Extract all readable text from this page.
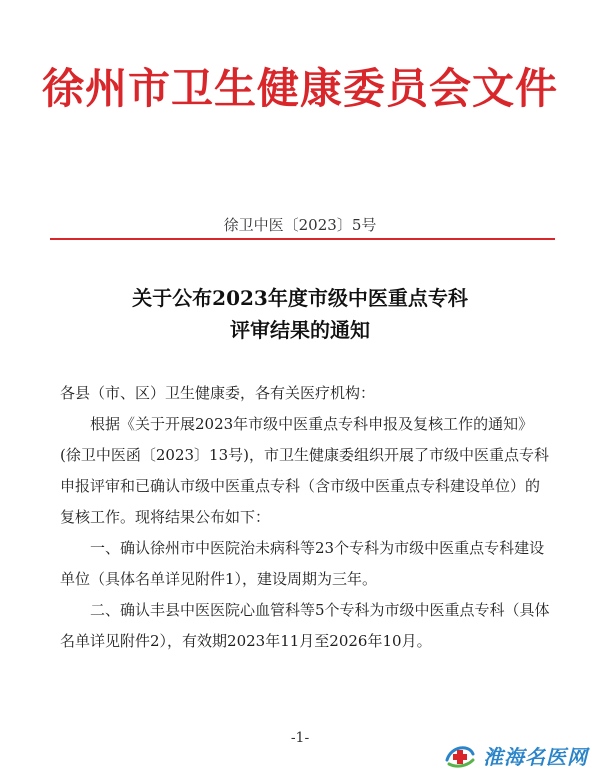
徐州市卫生健康委员会文件
徐卫中医〔2023〕5号
关于公布2023年度市级中医重点专科
评审结果的通知

各县（市、区）卫生健康委，各有关医疗机构：

根据《关于开展2023年市级中医重点专科申报及复核工作的通知》(徐卫中医函〔2023〕13号)，市卫生健康委组织开展了市级中医重点专科申报评审和已确认市级中医重点专科（含市级中医重点专科建设单位）的复核工作。现将结果公布如下：

一、确认徐州市中医院治未病科等23个专科为市级中医重点专科建设单位（具体名单详见附件1），建设周期为三年。

二、确认丰县中医医院心血管科等5个专科为市级中医重点专科（具体名单详见附件2），有效期2023年11月至2026年10月。

-1-
淮海名医网
